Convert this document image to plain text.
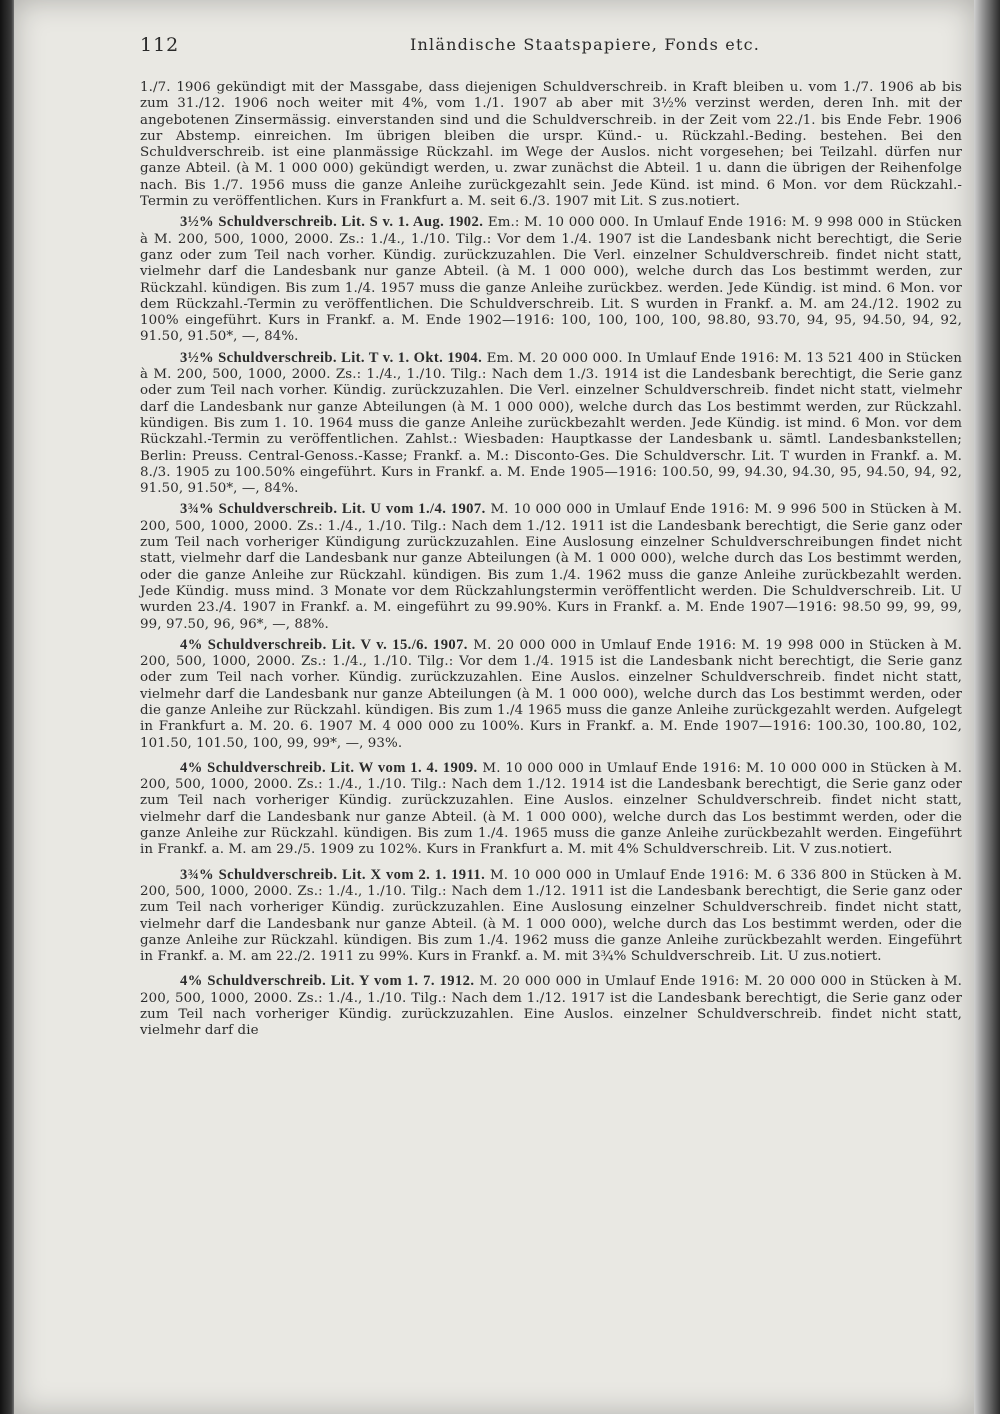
112	Inländische Staatspapiere, Fonds etc.

1./7. 1906 gekündigt mit der Massgabe, dass diejenigen Schuldverschreib. in Kraft bleiben u. vom 1./7. 1906 ab bis zum 31./12. 1906 noch weiter mit 4%, vom 1./1. 1907 ab aber mit 3½% verzinst werden, deren Inh. mit der angebotenen Zinsermässig. einverstanden sind und die Schuldverschreib. in der Zeit vom 22./1. bis Ende Febr. 1906 zur Abstemp. einreichen. Im übrigen bleiben die urspr. Künd.- u. Rückzahl.-Beding. bestehen. Bei den Schuldverschreib. ist eine planmässige Rückzahl. im Wege der Auslos. nicht vorgesehen; bei Teilzahl. dürfen nur ganze Abteil. (à M. 1 000 000) gekündigt werden, u. zwar zunächst die Abteil. 1 u. dann die übrigen der Reihenfolge nach. Bis 1./7. 1956 muss die ganze Anleihe zurückgezahlt sein. Jede Künd. ist mind. 6 Mon. vor dem Rückzahl.-Termin zu veröffentlichen. Kurs in Frankfurt a. M. seit 6./3. 1907 mit Lit. S zus.notiert.

3½% Schuldverschreib. Lit. S v. 1. Aug. 1902. Em.: M. 10 000 000. In Umlauf Ende 1916: M. 9 998 000 in Stücken à M. 200, 500, 1000, 2000. Zs.: 1./4., 1./10. Tilg.: Vor dem 1./4. 1907 ist die Landesbank nicht berechtigt, die Serie ganz oder zum Teil nach vorher. Kündig. zurückzuzahlen. Die Verl. einzelner Schuldverschreib. findet nicht statt, vielmehr darf die Landesbank nur ganze Abteil. (à M. 1 000 000), welche durch das Los bestimmt werden, zur Rückzahl. kündigen. Bis zum 1./4. 1957 muss die ganze Anleihe zurückbez. werden. Jede Kündig. ist mind. 6 Mon. vor dem Rückzahl.-Termin zu veröffentlichen. Die Schuldverschreib. Lit. S wurden in Frankf. a. M. am 24./12. 1902 zu 100% eingeführt. Kurs in Frankf. a. M. Ende 1902—1916: 100, 100, 100, 100, 98.80, 93.70, 94, 95, 94.50, 94, 92, 91.50, 91.50*, —, 84%.

3½% Schuldverschreib. Lit. T v. 1. Okt. 1904. Em. M. 20 000 000. In Umlauf Ende 1916: M. 13 521 400 in Stücken à M. 200, 500, 1000, 2000. Zs.: 1./4., 1./10. Tilg.: Nach dem 1./3. 1914 ist die Landesbank berechtigt, die Serie ganz oder zum Teil nach vorher. Kündig. zurückzuzahlen. Die Verl. einzelner Schuldverschreib. findet nicht statt, vielmehr darf die Landesbank nur ganze Abteilungen (à M. 1 000 000), welche durch das Los bestimmt werden, zur Rückzahl. kündigen. Bis zum 1. 10. 1964 muss die ganze Anleihe zurückbezahlt werden. Jede Kündig. ist mind. 6 Mon. vor dem Rückzahl.-Termin zu veröffentlichen. Zahlst.: Wiesbaden: Hauptkasse der Landesbank u. sämtl. Landesbankstellen; Berlin: Preuss. Central-Genoss.-Kasse; Frankf. a. M.: Disconto-Ges. Die Schuldverschr. Lit. T wurden in Frankf. a. M. 8./3. 1905 zu 100.50% eingeführt. Kurs in Frankf. a. M. Ende 1905—1916: 100.50, 99, 94.30, 94.30, 95, 94.50, 94, 92, 91.50, 91.50*, —, 84%.

3¾% Schuldverschreib. Lit. U vom 1./4. 1907. M. 10 000 000 in Umlauf Ende 1916: M. 9 996 500 in Stücken à M. 200, 500, 1000, 2000. Zs.: 1./4., 1./10. Tilg.: Nach dem 1./12. 1911 ist die Landesbank berechtigt, die Serie ganz oder zum Teil nach vorheriger Kündigung zurückzuzahlen. Eine Auslosung einzelner Schuldverschreibungen findet nicht statt, vielmehr darf die Landesbank nur ganze Abteilungen (à M. 1 000 000), welche durch das Los bestimmt werden, oder die ganze Anleihe zur Rückzahl. kündigen. Bis zum 1./4. 1962 muss die ganze Anleihe zurückbezahlt werden. Jede Kündig. muss mind. 3 Monate vor dem Rückzahlungstermin veröffentlicht werden. Die Schuldverschreib. Lit. U wurden 23./4. 1907 in Frankf. a. M. eingeführt zu 99.90%. Kurs in Frankf. a. M. Ende 1907—1916: 98.50 99, 99, 99, 99, 97.50, 96, 96*, —, 88%.

4% Schuldverschreib. Lit. V v. 15./6. 1907. M. 20 000 000 in Umlauf Ende 1916: M. 19 998 000 in Stücken à M. 200, 500, 1000, 2000. Zs.: 1./4., 1./10. Tilg.: Vor dem 1./4. 1915 ist die Landesbank nicht berechtigt, die Serie ganz oder zum Teil nach vorher. Kündig. zurückzuzahlen. Eine Auslos. einzelner Schuldverschreib. findet nicht statt, vielmehr darf die Landesbank nur ganze Abteilungen (à M. 1 000 000), welche durch das Los bestimmt werden, oder die ganze Anleihe zur Rückzahl. kündigen. Bis zum 1./4 1965 muss die ganze Anleihe zurückgezahlt werden. Aufgelegt in Frankfurt a. M. 20. 6. 1907 M. 4 000 000 zu 100%. Kurs in Frankf. a. M. Ende 1907—1916: 100.30, 100.80, 102, 101.50, 101.50, 100, 99, 99*, —, 93%.

4% Schuldverschreib. Lit. W vom 1. 4. 1909. M. 10 000 000 in Umlauf Ende 1916: M. 10 000 000 in Stücken à M. 200, 500, 1000, 2000. Zs.: 1./4., 1./10. Tilg.: Nach dem 1./12. 1914 ist die Landesbank berechtigt, die Serie ganz oder zum Teil nach vorheriger Kündig. zurückzuzahlen. Eine Auslos. einzelner Schuldverschreib. findet nicht statt, vielmehr darf die Landesbank nur ganze Abteil. (à M. 1 000 000), welche durch das Los bestimmt werden, oder die ganze Anleihe zur Rückzahl. kündigen. Bis zum 1./4. 1965 muss die ganze Anleihe zurückbezahlt werden. Eingeführt in Frankf. a. M. am 29./5. 1909 zu 102%. Kurs in Frankfurt a. M. mit 4% Schuldverschreib. Lit. V zus.notiert.

3¾% Schuldverschreib. Lit. X vom 2. 1. 1911. M. 10 000 000 in Umlauf Ende 1916: M. 6 336 800 in Stücken à M. 200, 500, 1000, 2000. Zs.: 1./4., 1./10. Tilg.: Nach dem 1./12. 1911 ist die Landesbank berechtigt, die Serie ganz oder zum Teil nach vorheriger Kündig. zurückzuzahlen. Eine Auslosung einzelner Schuldverschreib. findet nicht statt, vielmehr darf die Landesbank nur ganze Abteil. (à M. 1 000 000), welche durch das Los bestimmt werden, oder die ganze Anleihe zur Rückzahl. kündigen. Bis zum 1./4. 1962 muss die ganze Anleihe zurückbezahlt werden. Eingeführt in Frankf. a. M. am 22./2. 1911 zu 99%. Kurs in Frankf. a. M. mit 3¾% Schuldverschreib. Lit. U zus.notiert.

4% Schuldverschreib. Lit. Y vom 1. 7. 1912. M. 20 000 000 in Umlauf Ende 1916: M. 20 000 000 in Stücken à M. 200, 500, 1000, 2000. Zs.: 1./4., 1./10. Tilg.: Nach dem 1./12. 1917 ist die Landesbank berechtigt, die Serie ganz oder zum Teil nach vorheriger Kündig. zurückzuzahlen. Eine Auslos. einzelner Schuldverschreib. findet nicht statt, vielmehr darf die
